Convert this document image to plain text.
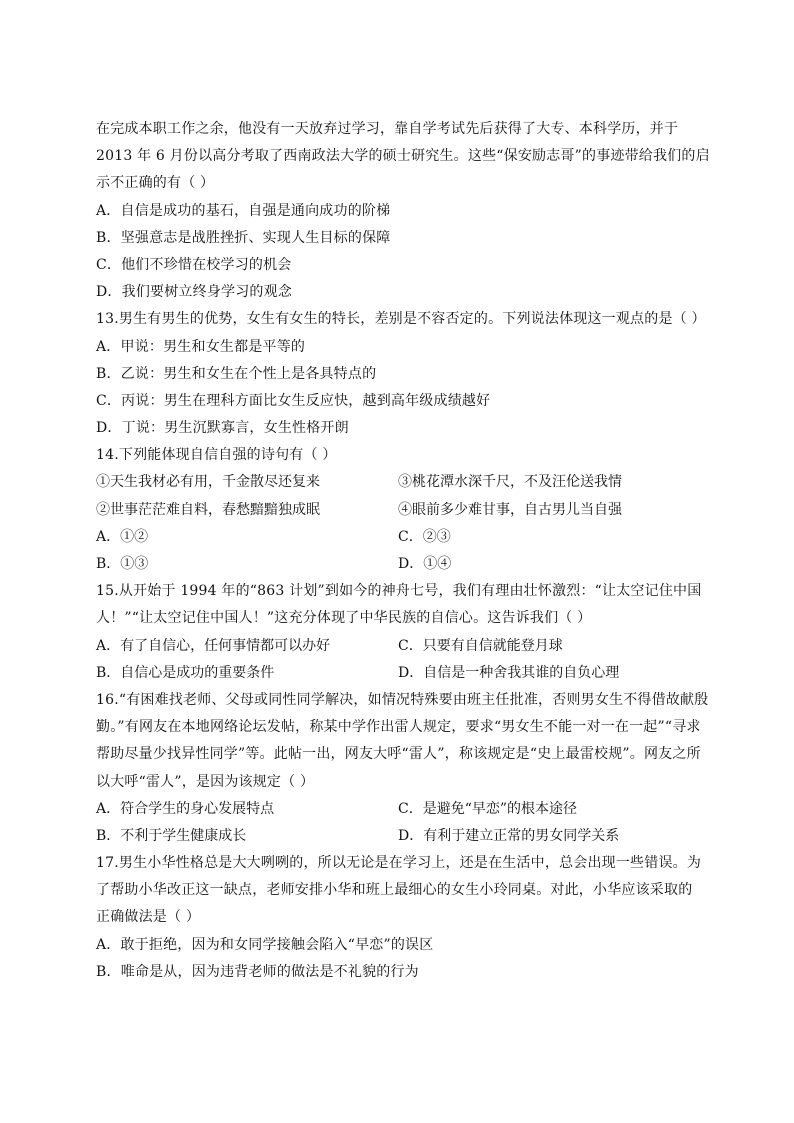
在完成本职工作之余，他没有一天放弃过学习，靠自学考试先后获得了大专、本科学历，并于
2013 年 6 月份以高分考取了西南政法大学的硕士研究生。这些“保安励志哥”的事迹带给我们的启
示不正确的有（ ）
A．自信是成功的基石，自强是通向成功的阶梯
B．坚强意志是战胜挫折、实现人生目标的保障
C．他们不珍惜在校学习的机会
D．我们要树立终身学习的观念
13.男生有男生的优势，女生有女生的特长，差别是不容否定的。下列说法体现这一观点的是（ ）
A．甲说：男生和女生都是平等的
B．乙说：男生和女生在个性上是各具特点的
C．丙说：男生在理科方面比女生反应快，越到高年级成绩越好
D．丁说：男生沉默寡言，女生性格开朗
14.下列能体现自信自强的诗句有（ ）
①天生我材必有用，千金散尽还复来	③桃花潭水深千尺，不及汪伦送我情
②世事茫茫难自料，春愁黯黯独成眠	④眼前多少难甘事，自古男儿当自强
A．①②	C．②③
B．①③	D．①④
15.从开始于 1994 年的“863 计划”到如今的神舟七号，我们有理由壮怀激烈：“让太空记住中国
人！”“让太空记住中国人！”这充分体现了中华民族的自信心。这告诉我们（ ）
A．有了自信心，任何事情都可以办好	C．只要有自信就能登月球
B．自信心是成功的重要条件	D．自信是一种舍我其谁的自负心理
16.“有困难找老师、父母或同性同学解决，如情况特殊要由班主任批准，否则男女生不得借故献殷
勤。”有网友在本地网络论坛发帖，称某中学作出雷人规定，要求“男女生不能一对一在一起”“寻求
帮助尽量少找异性同学”等。此帖一出，网友大呼“雷人”，称该规定是“史上最雷校规”。网友之所
以大呼“雷人”，是因为该规定（ ）
A．符合学生的身心发展特点	C．是避免“早恋”的根本途径
B．不利于学生健康成长	D．有利于建立正常的男女同学关系
17.男生小华性格总是大大咧咧的，所以无论是在学习上，还是在生活中，总会出现一些错误。为
了帮助小华改正这一缺点，老师安排小华和班上最细心的女生小玲同桌。对此，小华应该采取的
正确做法是（ ）
A．敢于拒绝，因为和女同学接触会陷入“早恋”的误区
B．唯命是从，因为违背老师的做法是不礼貌的行为
